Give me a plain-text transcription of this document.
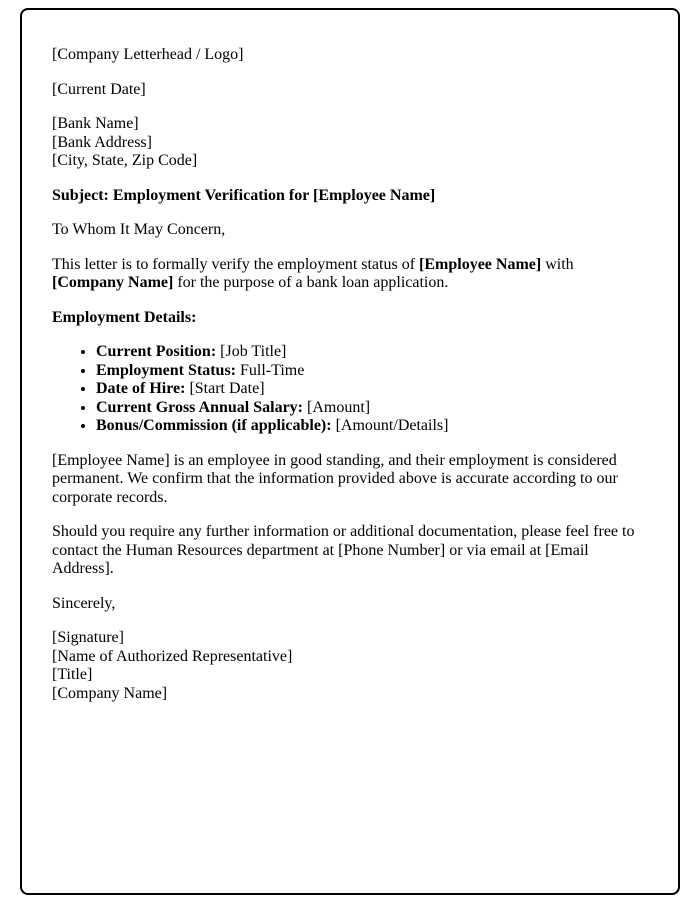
[Company Letterhead / Logo]

[Current Date]

[Bank Name]
[Bank Address]
[City, State, Zip Code]

Subject: Employment Verification for [Employee Name]

To Whom It May Concern,

This letter is to formally verify the employment status of [Employee Name] with [Company Name] for the purpose of a bank loan application.

Employment Details:

• Current Position: [Job Title]
• Employment Status: Full-Time
• Date of Hire: [Start Date]
• Current Gross Annual Salary: [Amount]
• Bonus/Commission (if applicable): [Amount/Details]

[Employee Name] is an employee in good standing, and their employment is considered permanent. We confirm that the information provided above is accurate according to our corporate records.

Should you require any further information or additional documentation, please feel free to contact the Human Resources department at [Phone Number] or via email at [Email Address].

Sincerely,

[Signature]
[Name of Authorized Representative]
[Title]
[Company Name]
